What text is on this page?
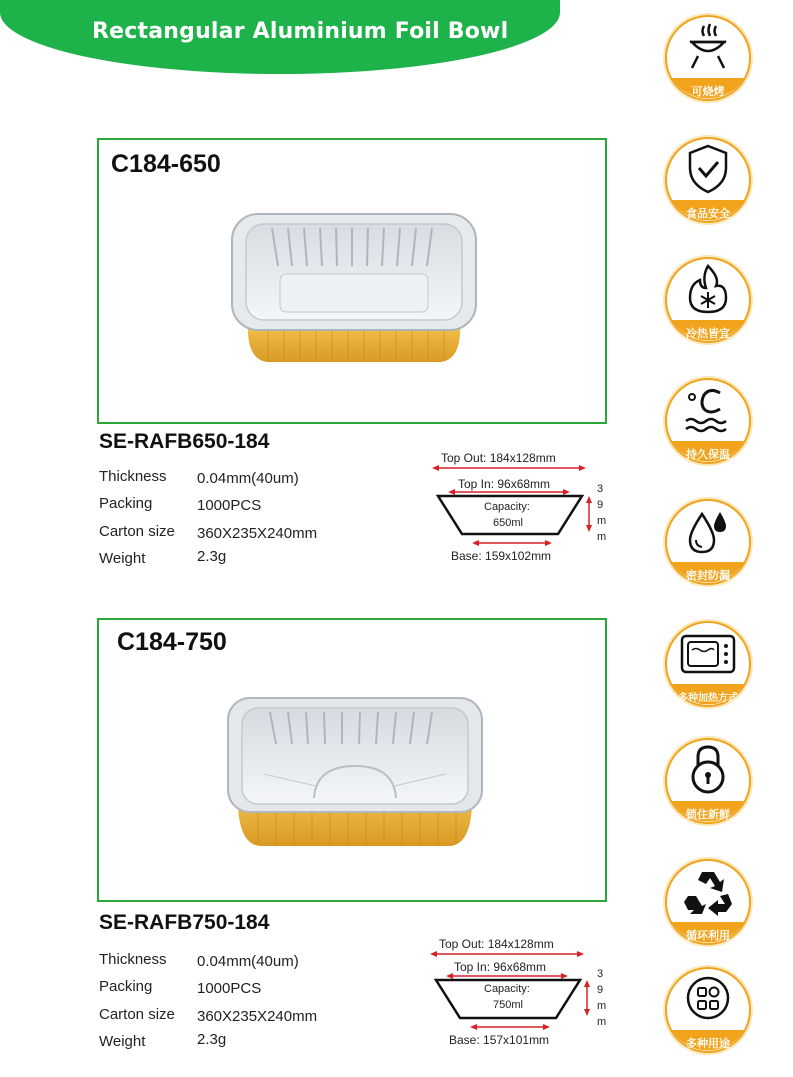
Rectangular Aluminium Foil Bowl
C184-650
SE-RAFB650-184
Thickness 0.04mm(40um)
Packing	1000PCS
Carton size 360X235X240mm
Weight	2.3g
Top Out: 184x128mm
Top In: 96x68mm
Capacity:
650ml
Base: 159x102mm
3
9
m
m
C184-750
SE-RAFB750-184
Thickness 0.04mm(40um)
Packing	1000PCS
Carton size 360X235X240mm
Weight	2.3g
Top Out: 184x128mm
Top In: 96x68mm
Capacity:
750ml
Base: 157x101mm
3
9
m
m
可烧烤
食品安全
冷热皆宜
持久保温
密封防漏
多种加热方式
锁住新鲜
循环利用
多种用途
